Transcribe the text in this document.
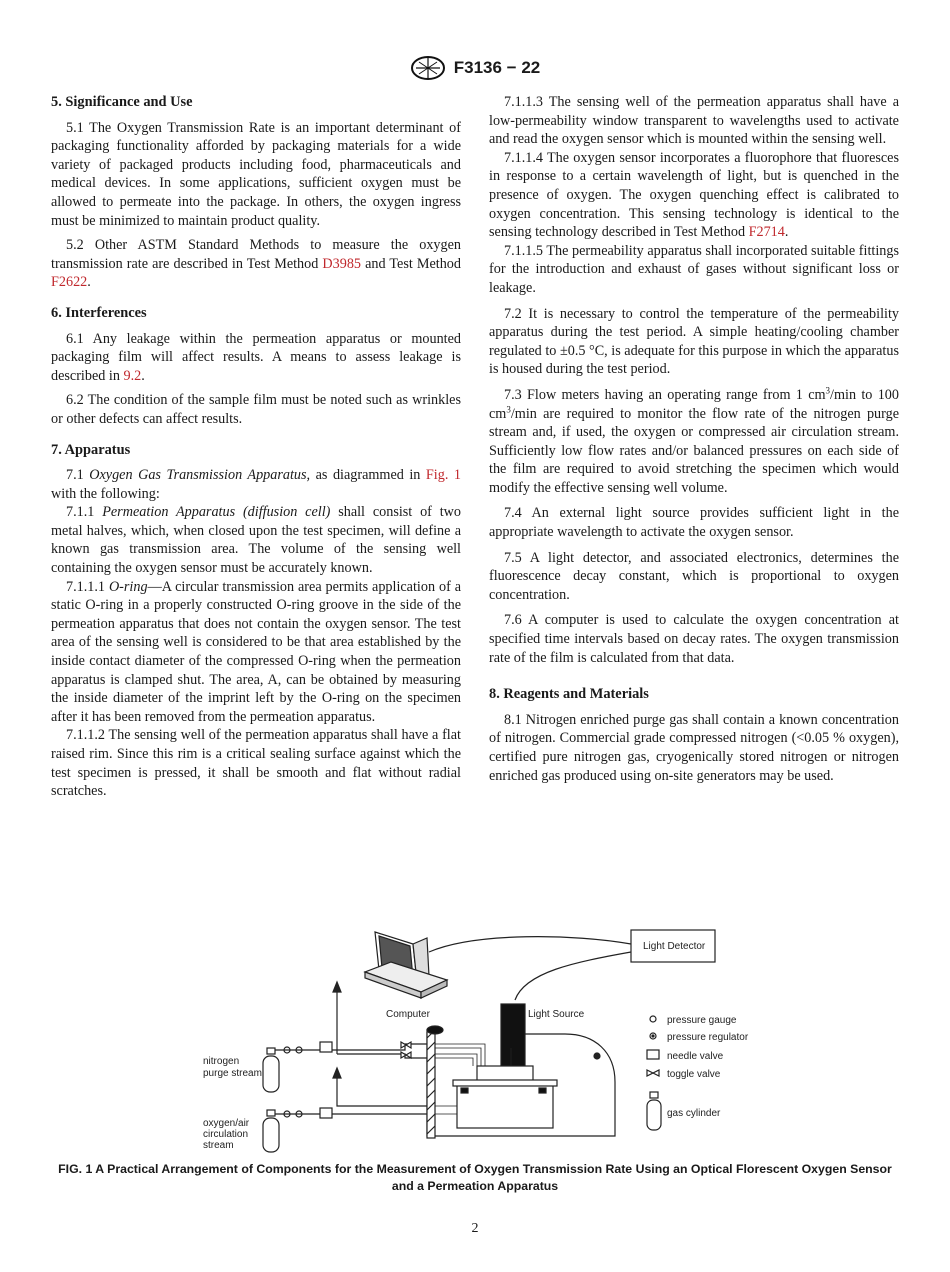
F3136 − 22
5. Significance and Use

5.1 The Oxygen Transmission Rate is an important determinant of packaging functionality afforded by packaging materials for a wide variety of packaged products including food, pharmaceuticals and medical devices. In some applications, sufficient oxygen must be allowed to permeate into the package. In others, the oxygen ingress must be minimized to maintain product quality.

5.2 Other ASTM Standard Methods to measure the oxygen transmission rate are described in Test Method D3985 and Test Method F2622.

6. Interferences

6.1 Any leakage within the permeation apparatus or mounted packaging film will affect results. A means to assess leakage is described in 9.2.

6.2 The condition of the sample film must be noted such as wrinkles or other defects can affect results.

7. Apparatus

7.1 Oxygen Gas Transmission Apparatus, as diagrammed in Fig. 1 with the following:

7.1.1 Permeation Apparatus (diffusion cell) shall consist of two metal halves, which, when closed upon the test specimen, will define a known gas transmission area. The volume of the sensing well containing the oxygen sensor must be accurately known.

7.1.1.1 O-ring—A circular transmission area permits application of a static O-ring in a properly constructed O-ring groove in the side of the permeation apparatus that does not contain the oxygen sensor. The test area of the sensing well is considered to be that area established by the inside contact diameter of the compressed O-ring when the permeation apparatus is clamped shut. The area, A, can be obtained by measuring the inside diameter of the imprint left by the O-ring on the specimen after it has been removed from the permeation apparatus.

7.1.1.2 The sensing well of the permeation apparatus shall have a flat raised rim. Since this rim is a critical sealing surface against which the test specimen is pressed, it shall be smooth and flat without radial scratches.

7.1.1.3 The sensing well of the permeation apparatus shall have a low-permeability window transparent to wavelengths used to activate and read the oxygen sensor which is mounted within the sensing well.

7.1.1.4 The oxygen sensor incorporates a fluorophore that fluoresces in response to a certain wavelength of light, but is quenched in the presence of oxygen. The oxygen quenching effect is calibrated to oxygen concentration. This sensing technology is identical to the sensing technology described in Test Method F2714.

7.1.1.5 The permeability apparatus shall incorporated suitable fittings for the introduction and exhaust of gases without significant loss or leakage.

7.2 It is necessary to control the temperature of the permeability apparatus during the test period. A simple heating/cooling chamber regulated to ±0.5 °C, is adequate for this purpose in which the apparatus is housed during the test period.

7.3 Flow meters having an operating range from 1 $cm^3/\min$ to 100 $cm^3/\min$ are required to monitor the flow rate of the nitrogen purge stream and, if used, the oxygen or compressed air circulation stream. Sufficiently low flow rates and/or balanced pressures on each side of the film are required to avoid stretching the specimen which would modify the effective sensing well volume.

7.4 An external light source provides sufficient light in the appropriate wavelength to activate the oxygen sensor.

7.5 A light detector, and associated electronics, determines the fluorescence decay constant, which is proportional to oxygen concentration.

7.6 A computer is used to calculate the oxygen concentration at specified time intervals based on decay rates. The oxygen transmission rate of the film is calculated from that data.

8. Reagents and Materials

8.1 Nitrogen enriched purge gas shall contain a known concentration of nitrogen. Commercial grade compressed nitrogen (<0.05 % oxygen), certified pure nitrogen gas, cryogenically stored nitrogen or nitrogen enriched gas produced using on-site generators may be used.

Light Detector
Computer	Light Source
nitrogen
purge stream
oxygen/air
circulation
stream
pressure gauge
pressure regulator
needle valve
toggle valve
gas cylinder
FIG. 1 A Practical Arrangement of Components for the Measurement of Oxygen Transmission Rate Using an Optical Florescent Oxygen Sensor and a Permeation Apparatus
2
